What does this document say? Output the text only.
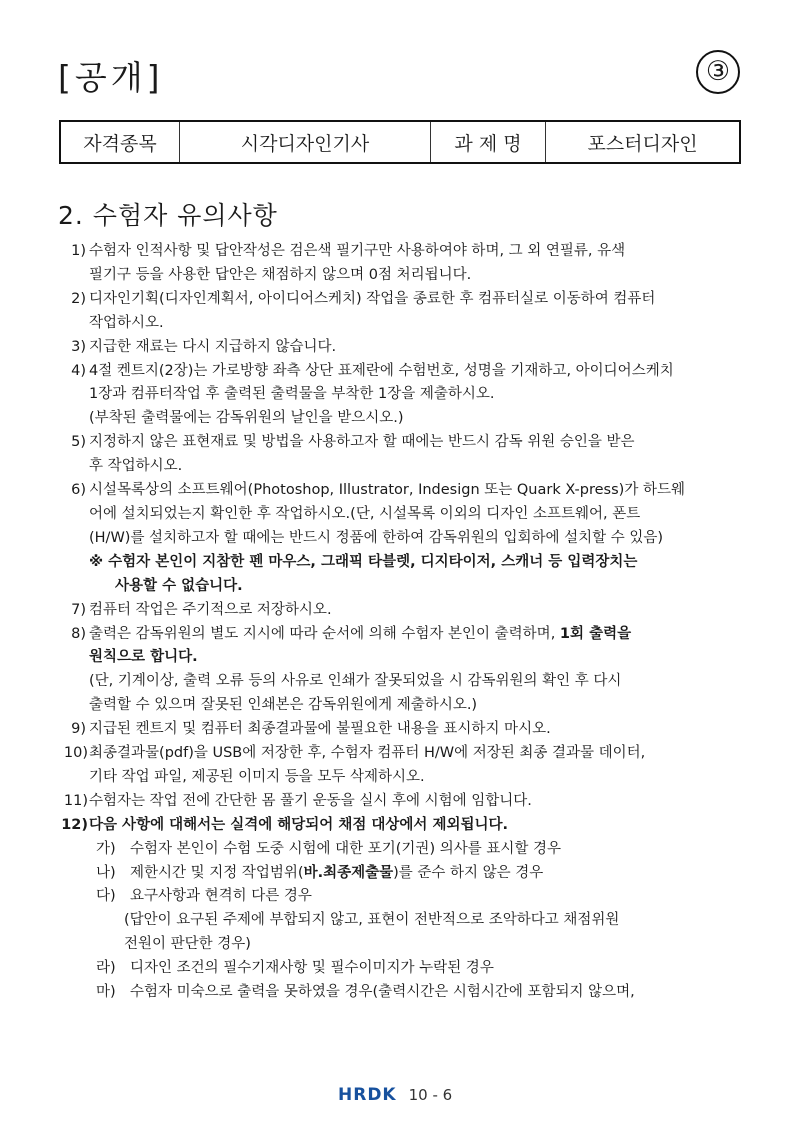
[공개]	③
자격종목	시각디자인기사	과 제 명	포스터디자인
2. 수험자 유의사항
1) 수험자 인적사항 및 답안작성은 검은색 필기구만 사용하여야 하며, 그 외 연필류, 유색
필기구 등을 사용한 답안은 채점하지 않으며 0점 처리됩니다.
2) 디자인기획(디자인계획서, 아이디어스케치) 작업을 종료한 후 컴퓨터실로 이동하여 컴퓨터
작업하시오.
3) 지급한 재료는 다시 지급하지 않습니다.
4) 4절 켄트지(2장)는 가로방향 좌측 상단 표제란에 수험번호, 성명을 기재하고, 아이디어스케치
1장과 컴퓨터작업 후 출력된 출력물을 부착한 1장을 제출하시오.
(부착된 출력물에는 감독위원의 날인을 받으시오.)
5) 지정하지 않은 표현재료 및 방법을 사용하고자 할 때에는 반드시 감독 위원 승인을 받은
후 작업하시오.
6) 시설목록상의 소프트웨어(Photoshop, Illustrator, Indesign 또는 Quark X-press)가 하드웨
어에 설치되었는지 확인한 후 작업하시오.(단, 시설목록 이외의 디자인 소프트웨어, 폰트
(H/W)를 설치하고자 할 때에는 반드시 정품에 한하여 감독위원의 입회하에 설치할 수 있음)
※ 수험자 본인이 지참한 펜 마우스, 그래픽 타블렛, 디지타이저, 스캐너 등 입력장치는
사용할 수 없습니다.
7) 컴퓨터 작업은 주기적으로 저장하시오.
8) 출력은 감독위원의 별도 지시에 따라 순서에 의해 수험자 본인이 출력하며, 1회 출력을
원칙으로 합니다.
(단, 기계이상, 출력 오류 등의 사유로 인쇄가 잘못되었을 시 감독위원의 확인 후 다시
출력할 수 있으며 잘못된 인쇄본은 감독위원에게 제출하시오.)
9) 지급된 켄트지 및 컴퓨터 최종결과물에 불필요한 내용을 표시하지 마시오.
10) 최종결과물(pdf)을 USB에 저장한 후, 수험자 컴퓨터 H/W에 저장된 최종 결과물 데이터,
기타 작업 파일, 제공된 이미지 등을 모두 삭제하시오.
11) 수험자는 작업 전에 간단한 몸 풀기 운동을 실시 후에 시험에 임합니다.
12) 다음 사항에 대해서는 실격에 해당되어 채점 대상에서 제외됩니다.
가) 수험자 본인이 수험 도중 시험에 대한 포기(기권) 의사를 표시할 경우
나) 제한시간 및 지정 작업범위(바.최종제출물)를 준수 하지 않은 경우
다) 요구사항과 현격히 다른 경우
(답안이 요구된 주제에 부합되지 않고, 표현이 전반적으로 조악하다고 채점위원
전원이 판단한 경우)
라) 디자인 조건의 필수기재사항 및 필수이미지가 누락된 경우
마) 수험자 미숙으로 출력을 못하였을 경우(출력시간은 시험시간에 포함되지 않으며,
HRDK 10 - 6
